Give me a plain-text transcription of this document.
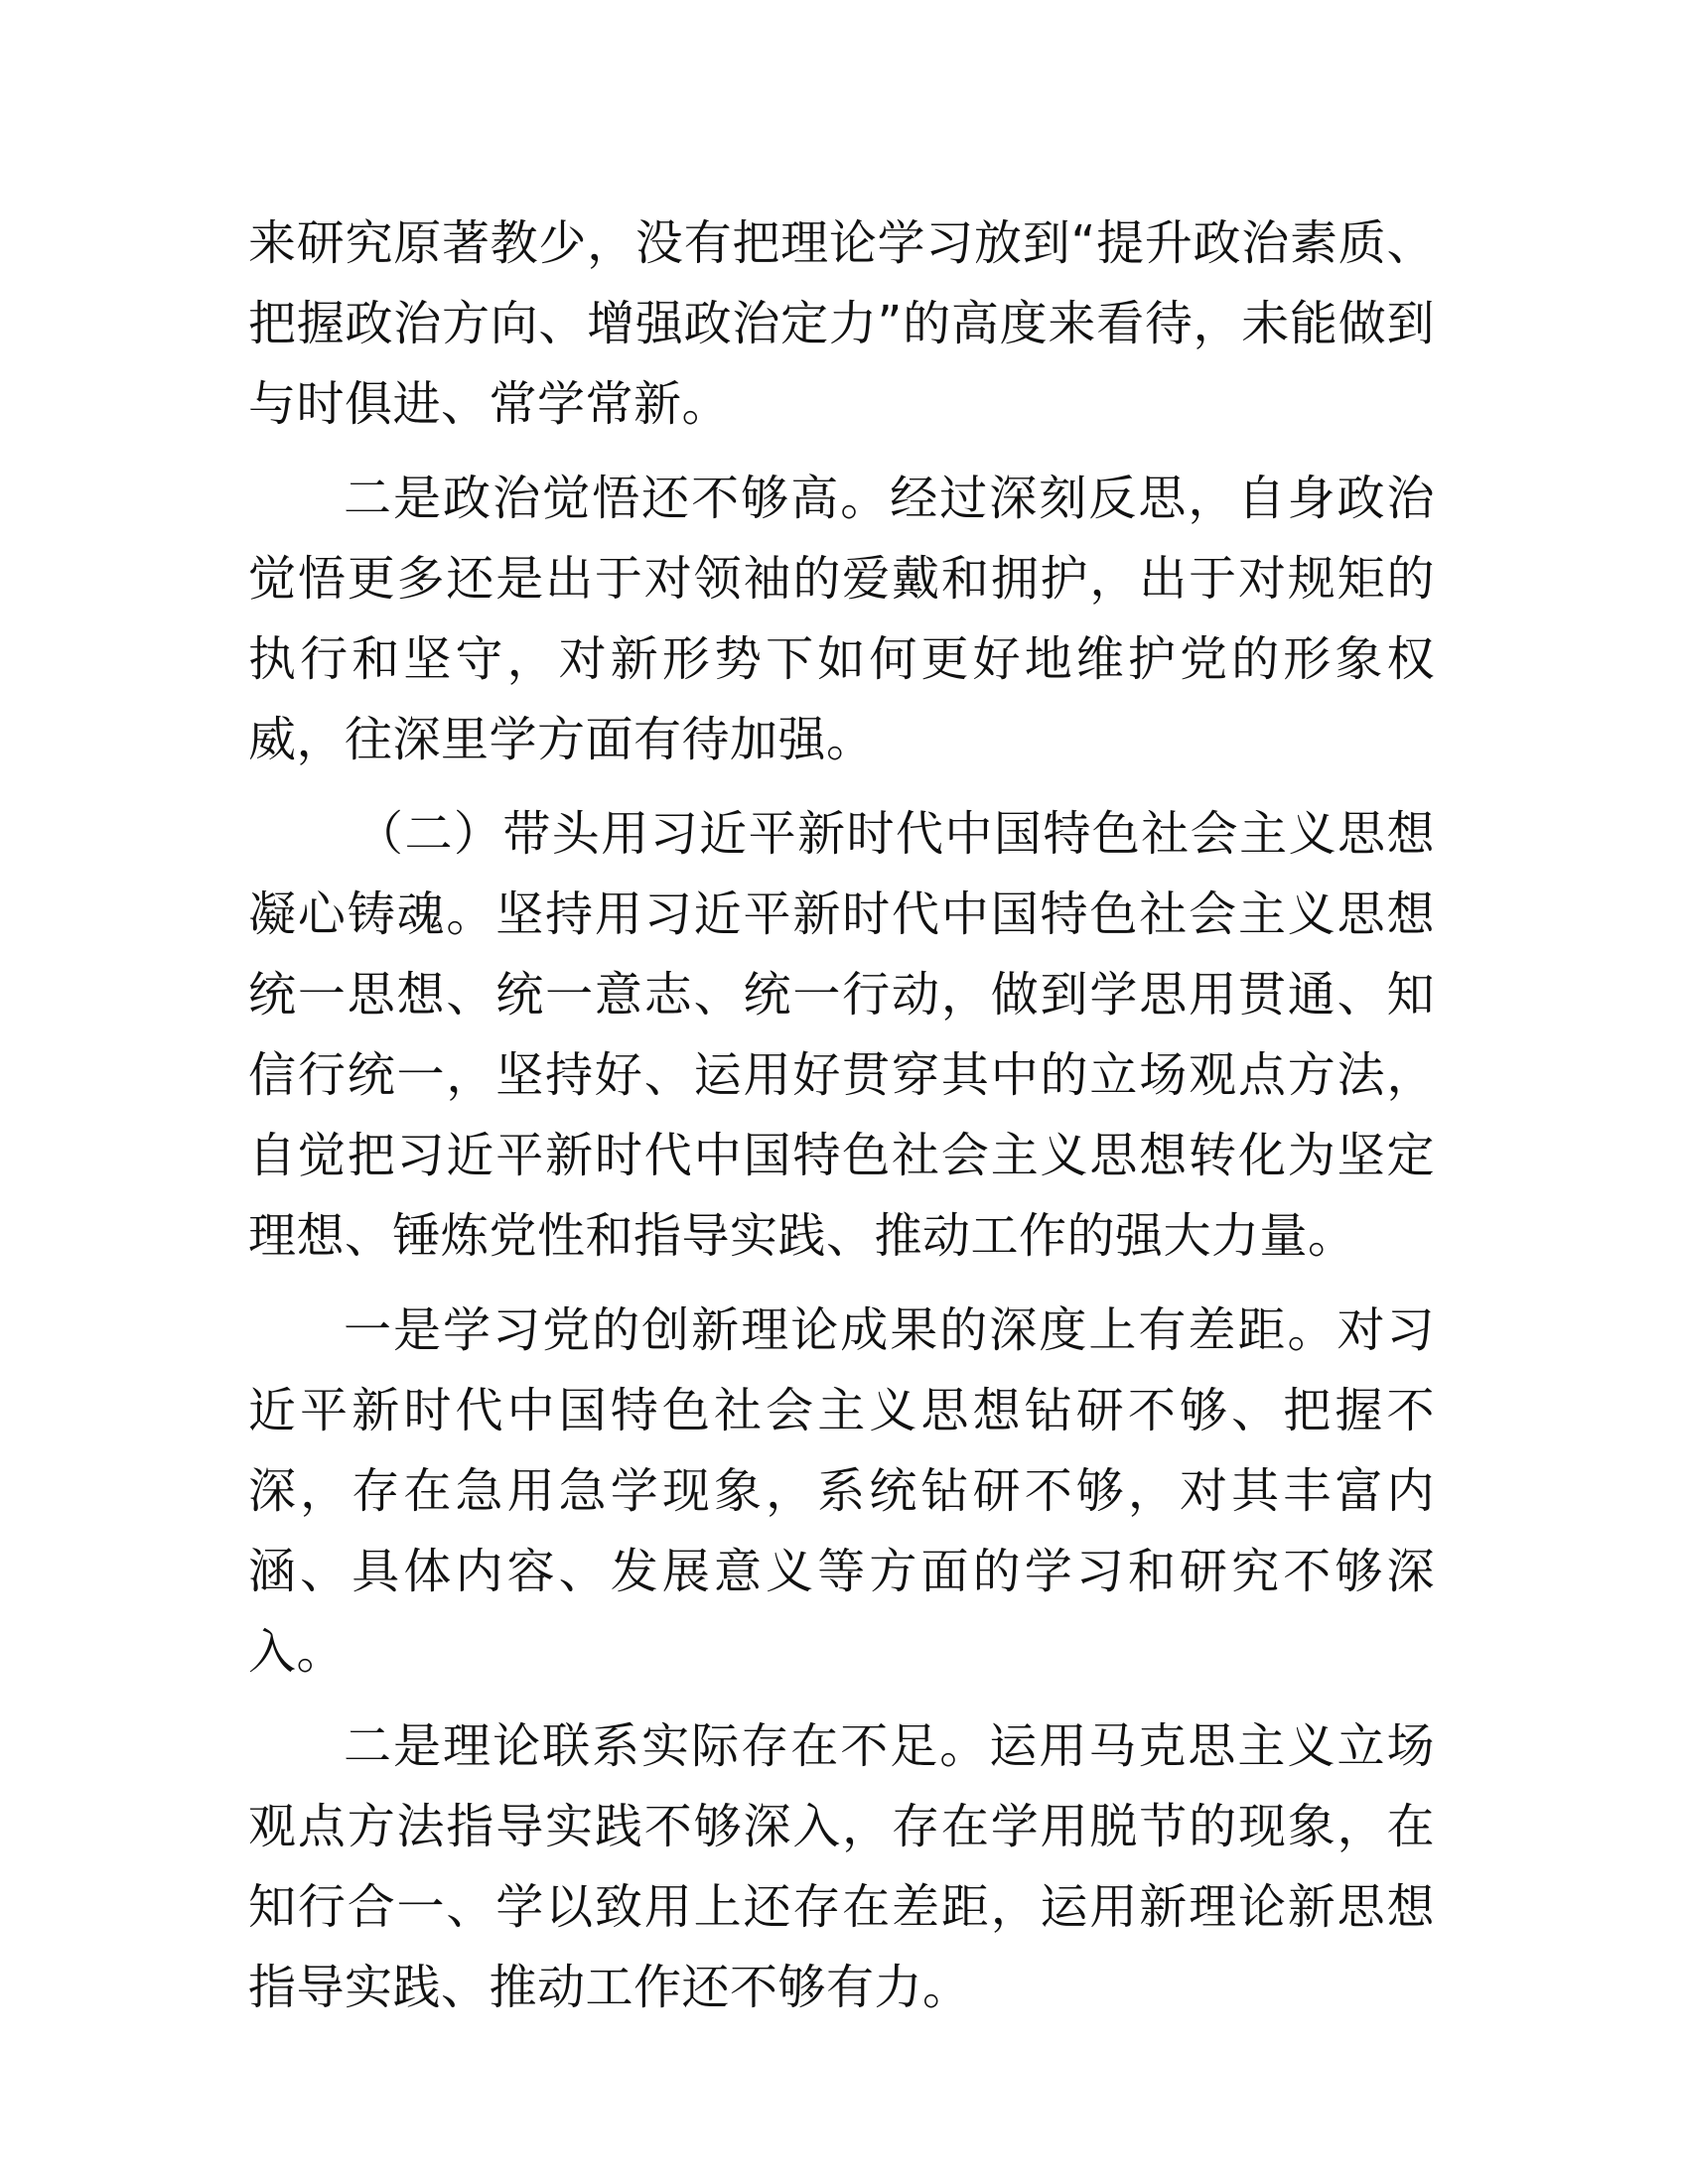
来研究原著教少，没有把理论学习放到“提升政治素质、把握政治方向、增强政治定力”的高度来看待，未能做到与时俱进、常学常新。

二是政治觉悟还不够高。经过深刻反思，自身政治觉悟更多还是出于对领袖的爱戴和拥护，出于对规矩的执行和坚守，对新形势下如何更好地维护党的形象权威，往深里学方面有待加强。

（二）带头用习近平新时代中国特色社会主义思想凝心铸魂。坚持用习近平新时代中国特色社会主义思想统一思想、统一意志、统一行动，做到学思用贯通、知信行统一，坚持好、运用好贯穿其中的立场观点方法，自觉把习近平新时代中国特色社会主义思想转化为坚定理想、锤炼党性和指导实践、推动工作的强大力量。

一是学习党的创新理论成果的深度上有差距。对习近平新时代中国特色社会主义思想钻研不够、把握不深，存在急用急学现象，系统钻研不够，对其丰富内涵、具体内容、发展意义等方面的学习和研究不够深入。

二是理论联系实际存在不足。运用马克思主义立场观点方法指导实践不够深入，存在学用脱节的现象，在知行合一、学以致用上还存在差距，运用新理论新思想指导实践、推动工作还不够有力。
